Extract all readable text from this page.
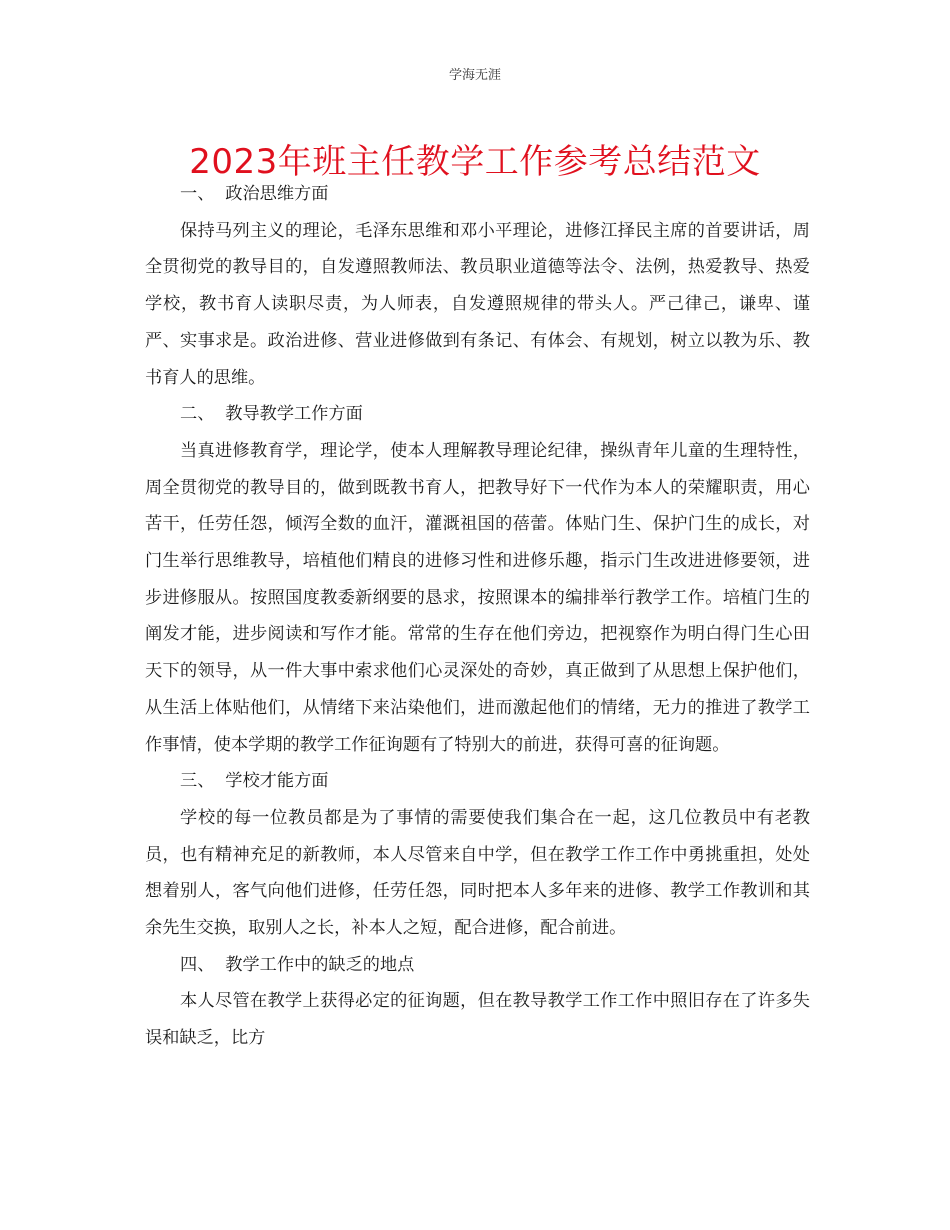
学海无涯
2023年班主任教学工作参考总结范文

一、  政治思维方面

保持马列主义的理论，毛泽东思维和邓小平理论，进修江择民主席的首要讲话，周全贯彻党的教导目的，自发遵照教师法、教员职业道德等法令、法例，热爱教导、热爱学校，教书育人读职尽责，为人师表，自发遵照规律的带头人。严己律己，谦卑、谨严、实事求是。政治进修、营业进修做到有条记、有体会、有规划，树立以教为乐、教书育人的思维。

二、  教导教学工作方面

当真进修教育学，理论学，使本人理解教导理论纪律，操纵青年儿童的生理特性，周全贯彻党的教导目的，做到既教书育人，把教导好下一代作为本人的荣耀职责，用心苦干，任劳任怨，倾泻全数的血汗，灌溉祖国的蓓蕾。体贴门生、保护门生的成长，对门生举行思维教导，培植他们精良的进修习性和进修乐趣，指示门生改进进修要领，进步进修服从。按照国度教委新纲要的恳求，按照课本的编排举行教学工作。培植门生的阐发才能，进步阅读和写作才能。常常的生存在他们旁边，把视察作为明白得门生心田天下的领导，从一件大事中索求他们心灵深处的奇妙，真正做到了从思想上保护他们，从生活上体贴他们，从情绪下来沾染他们，进而激起他们的情绪，无力的推进了教学工作事情，使本学期的教学工作征询题有了特别大的前进，获得可喜的征询题。

三、  学校才能方面

学校的每一位教员都是为了事情的需要使我们集合在一起，这几位教员中有老教员，也有精神充足的新教师，本人尽管来自中学，但在教学工作工作中勇挑重担，处处想着别人，客气向他们进修，任劳任怨，同时把本人多年来的进修、教学工作教训和其余先生交换，取别人之长，补本人之短，配合进修，配合前进。

四、  教学工作中的缺乏的地点

本人尽管在教学上获得必定的征询题，但在教导教学工作工作中照旧存在了许多失误和缺乏，比方
